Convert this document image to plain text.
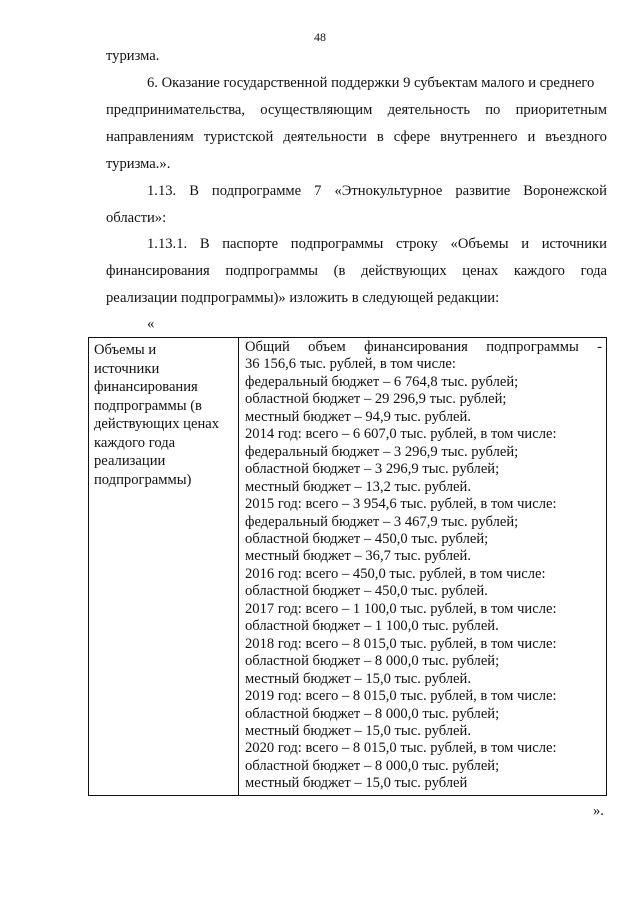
48
туризма.
6. Оказание государственной поддержки 9 субъектам малого и среднего
предпринимательства, осуществляющим деятельность по приоритетным
направлениям туристской деятельности в сфере внутреннего и въездного
туризма.».
1.13. В подпрограмме 7 «Этнокультурное развитие Воронежской
области»:
1.13.1. В паспорте подпрограммы строку «Объемы и источники
финансирования подпрограммы (в действующих ценах каждого года
реализации подпрограммы)» изложить в следующей редакции:
«
Объемы и
источники
финансирования
подпрограммы (в
действующих ценах
каждого года
реализации
подпрограммы)

Общий объем финансирования подпрограммы -
36 156,6 тыс. рублей, в том числе:
федеральный бюджет – 6 764,8 тыс. рублей;
областной бюджет – 29 296,9 тыс. рублей;
местный бюджет – 94,9 тыс. рублей.
2014 год: всего – 6 607,0 тыс. рублей, в том числе:
федеральный бюджет – 3 296,9 тыс. рублей;
областной бюджет – 3 296,9 тыс. рублей;
местный бюджет – 13,2 тыс. рублей.
2015 год: всего – 3 954,6 тыс. рублей, в том числе:
федеральный бюджет – 3 467,9 тыс. рублей;
областной бюджет – 450,0 тыс. рублей;
местный бюджет – 36,7 тыс. рублей.
2016 год: всего – 450,0 тыс. рублей, в том числе:
областной бюджет – 450,0 тыс. рублей.
2017 год: всего – 1 100,0 тыс. рублей, в том числе:
областной бюджет – 1 100,0 тыс. рублей.
2018 год: всего – 8 015,0 тыс. рублей, в том числе:
областной бюджет – 8 000,0 тыс. рублей;
местный бюджет – 15,0 тыс. рублей.
2019 год: всего – 8 015,0 тыс. рублей, в том числе:
областной бюджет – 8 000,0 тыс. рублей;
местный бюджет – 15,0 тыс. рублей.
2020 год: всего – 8 015,0 тыс. рублей, в том числе:
областной бюджет – 8 000,0 тыс. рублей;
местный бюджет – 15,0 тыс. рублей
».
